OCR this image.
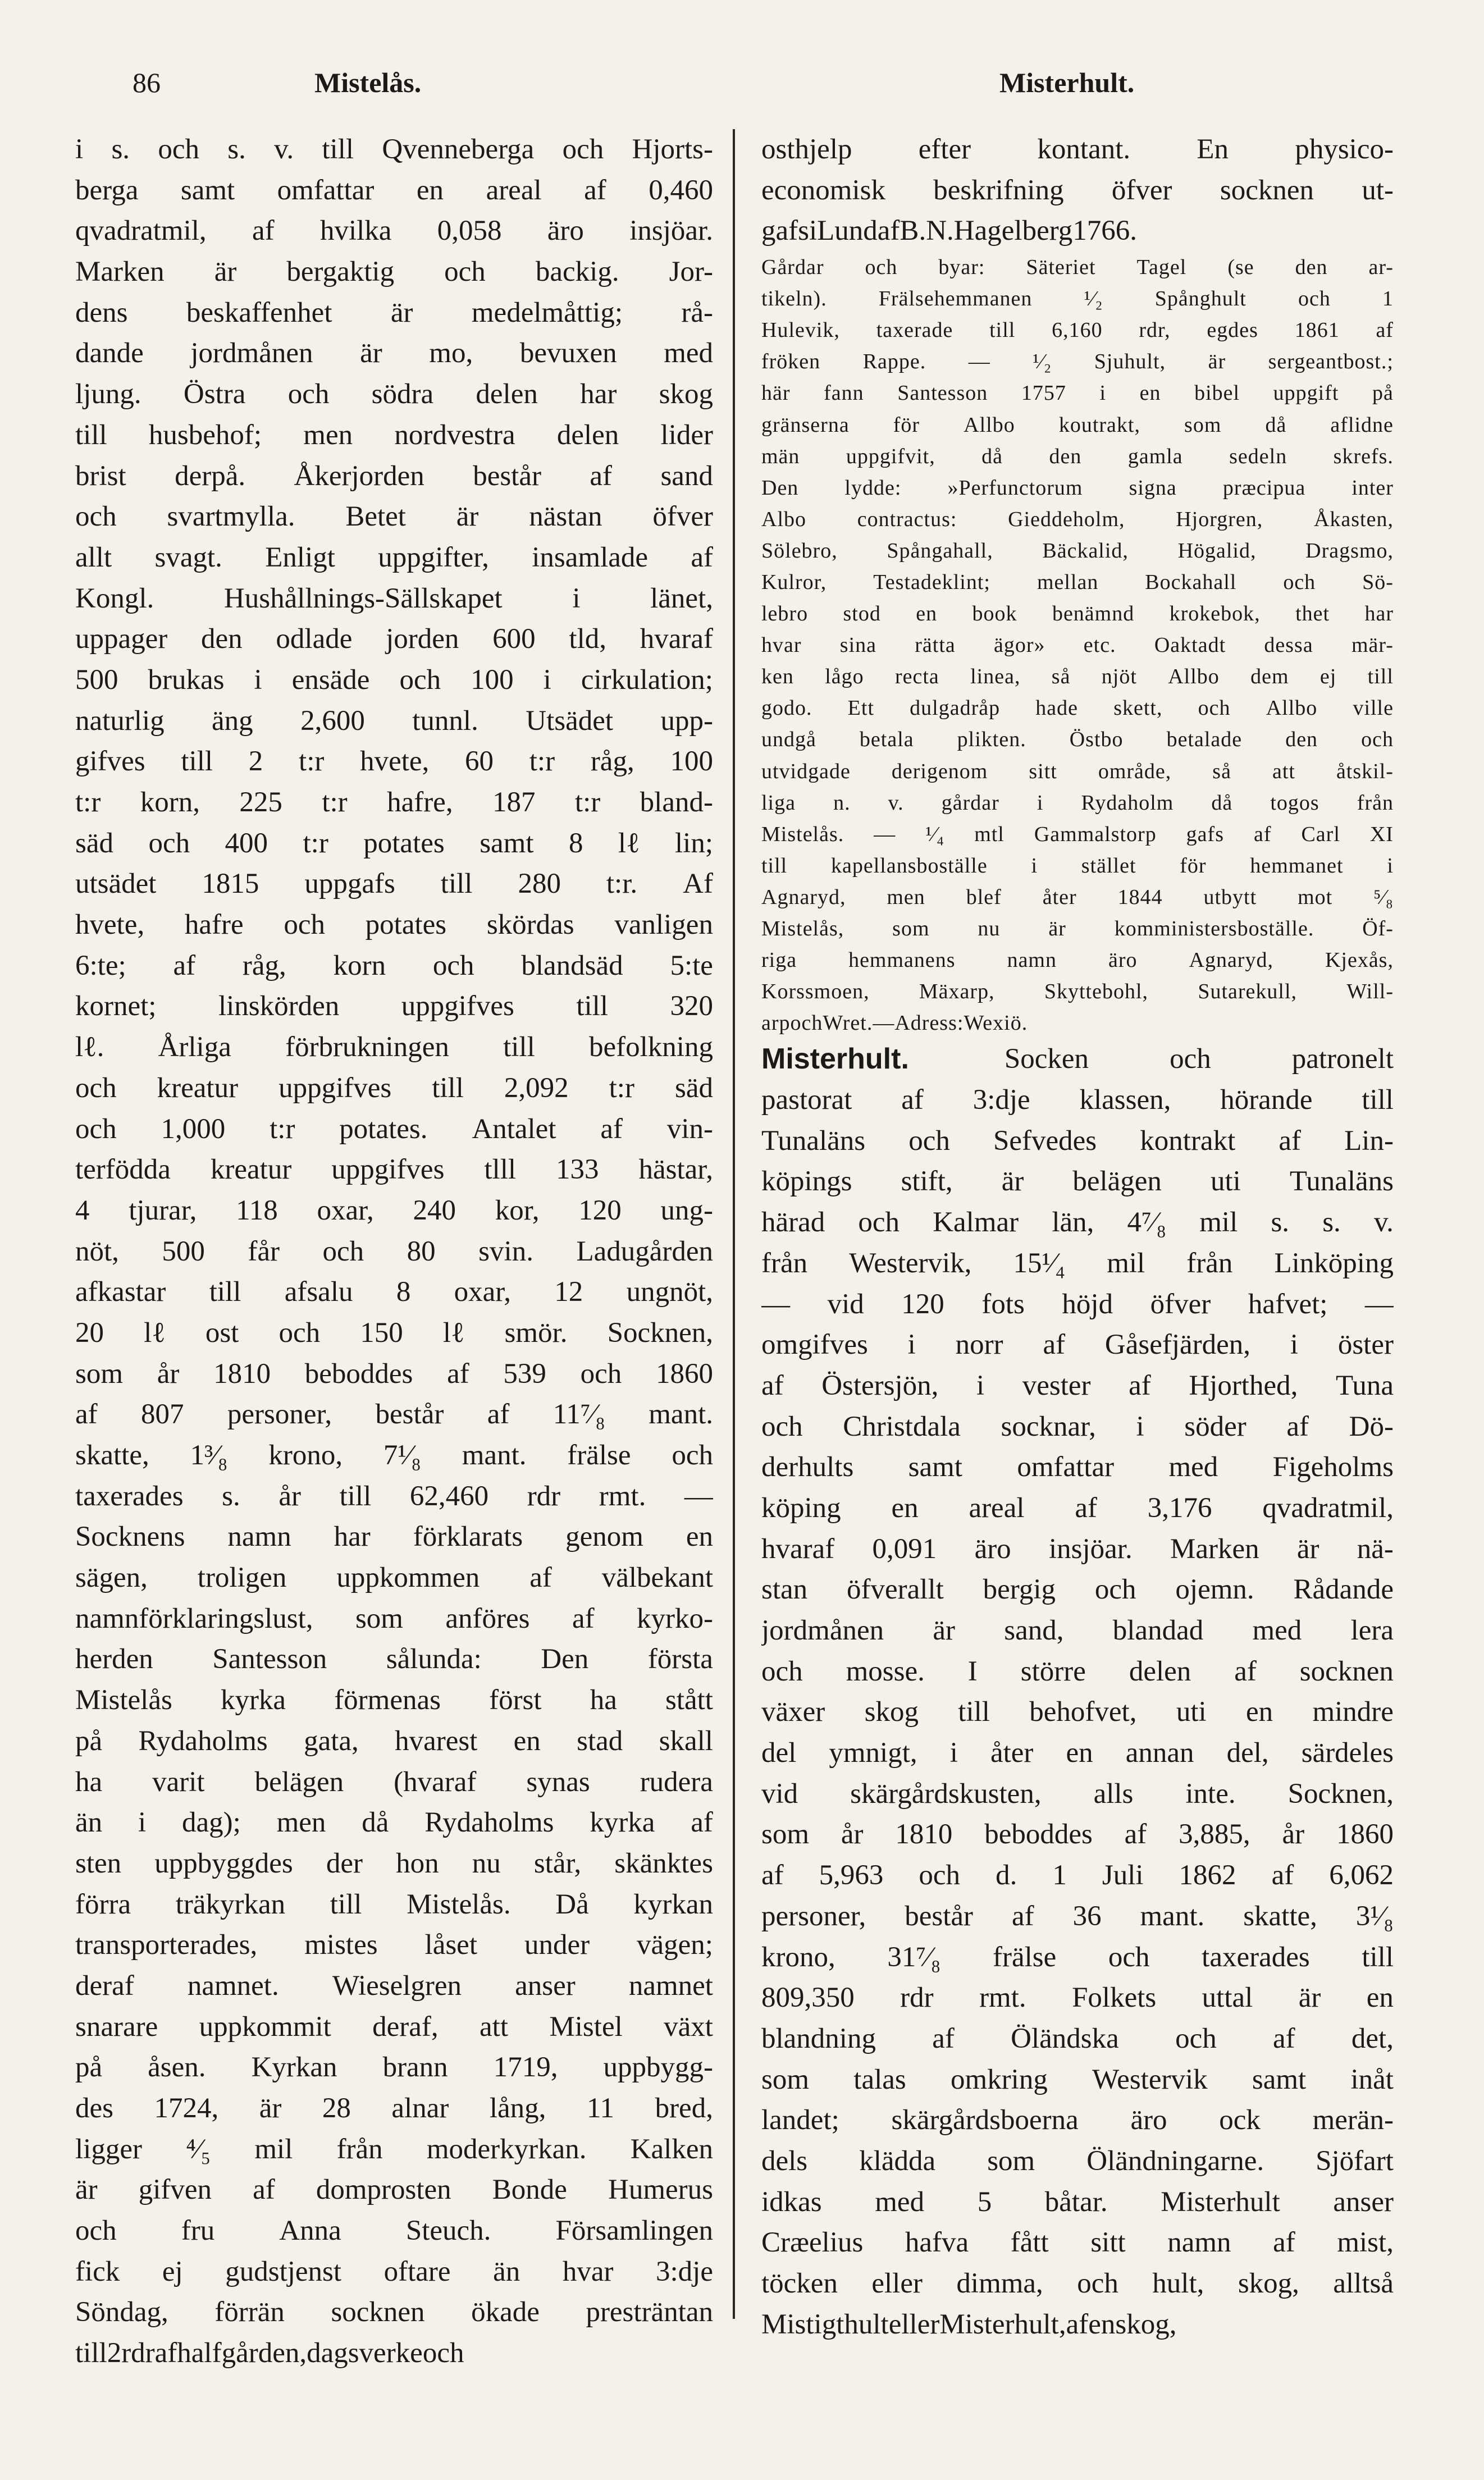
86	Mistelås.	Misterhult.
i s. och s. v. till Qvenneberga och Hjorts-
berga samt omfattar en areal af 0,460
qvadratmil, af hvilka 0,058 äro insjöar.
Marken är bergaktig och backig. Jor-
dens beskaffenhet är medelmåttig; rå-
dande jordmånen är mo, bevuxen med
ljung. Östra och södra delen har skog
till husbehof; men nordvestra delen lider
brist derpå. Åkerjorden består af sand
och svartmylla. Betet är nästan öfver
allt svagt. Enligt uppgifter, insamlade af
Kongl. Hushållnings-Sällskapet i länet,
uppager den odlade jorden 600 tld, hvaraf
500 brukas i ensäde och 100 i cirkulation;
naturlig äng 2,600 tunnl. Utsädet upp-
gifves till 2 t:r hvete, 60 t:r råg, 100
t:r korn, 225 t:r hafre, 187 t:r bland-
säd och 400 t:r potates samt 8 lℓ lin;
utsädet 1815 uppgafs till 280 t:r. Af
hvete, hafre och potates skördas vanligen
6:te; af råg, korn och blandsäd 5:te
kornet; linskörden uppgifves till 320
lℓ. Årliga förbrukningen till befolkning
och kreatur uppgifves till 2,092 t:r säd
och 1,000 t:r potates. Antalet af vin-
terfödda kreatur uppgifves tlll 133 hästar,
4 tjurar, 118 oxar, 240 kor, 120 ung-
nöt, 500 får och 80 svin. Ladugården
afkastar till afsalu 8 oxar, 12 ungnöt,
20 lℓ ost och 150 lℓ smör. Socknen,
som år 1810 beboddes af 539 och 1860
af 807 personer, består af 11⁷⁄₈ mant.
skatte, 1³⁄₈ krono, 7¹⁄₈ mant. frälse och
taxerades s. år till 62,460 rdr rmt. —
Socknens namn har förklarats genom en
sägen, troligen uppkommen af välbekant
namnförklaringslust, som anföres af kyrko-
herden Santesson sålunda: Den första
Mistelås kyrka förmenas först ha stått
på Rydaholms gata, hvarest en stad skall
ha varit belägen (hvaraf synas rudera
än i dag); men då Rydaholms kyrka af
sten uppbyggdes der hon nu står, skänktes
förra träkyrkan till Mistelås. Då kyrkan
transporterades, mistes låset under vägen;
deraf namnet. Wieselgren anser namnet
snarare uppkommit deraf, att Mistel växt
på åsen. Kyrkan brann 1719, uppbygg-
des 1724, är 28 alnar lång, 11 bred,
ligger ⁴⁄₅ mil från moderkyrkan. Kalken
är gifven af domprosten Bonde Humerus
och fru Anna Steuch. Församlingen
fick ej gudstjenst oftare än hvar 3:dje
Söndag, förrän socknen ökade presträntan
till 2 rdr af halfgården, dagsverke och
osthjelp efter kontant. En physico-
economisk beskrifning öfver socknen ut-
gafs i Lund af B. N. Hagelberg 1766.
Gårdar och byar: Säteriet Tagel (se den ar-
tikeln). Frälsehemmanen ¹⁄₂ Spånghult och 1
Hulevik, taxerade till 6,160 rdr, egdes 1861 af
fröken Rappe. — ¹⁄₂ Sjuhult, är sergeantbost.;
här fann Santesson 1757 i en bibel uppgift på
gränserna för Allbo koutrakt, som då aflidne
män uppgifvit, då den gamla sedeln skrefs.
Den lydde: »Perfunctorum signa præcipua inter
Albo contractus: Gieddeholm, Hjorgren, Åkasten,
Sölebro, Spångahall, Bäckalid, Högalid, Dragsmo,
Kulror, Testadeklint; mellan Bockahall och Sö-
lebro stod en book benämnd krokebok, thet har
hvar sina rätta ägor» etc. Oaktadt dessa mär-
ken lågo recta linea, så njöt Allbo dem ej till
godo. Ett dulgadråp hade skett, och Allbo ville
undgå betala plikten. Östbo betalade den och
utvidgade derigenom sitt område, så att åtskil-
liga n. v. gårdar i Rydaholm då togos från
Mistelås. — ¹⁄₄ mtl Gammalstorp gafs af Carl XI
till kapellansboställe i stället för hemmanet i
Agnaryd, men blef åter 1844 utbytt mot ⁵⁄₈
Mistelås, som nu är komministersboställe. Öf-
riga hemmanens namn äro Agnaryd, Kjexås,
Korssmoen, Mäxarp, Skyttebohl, Sutarekull, Will-
arp och Wret. — Adress: Wexiö.
Misterhult.	Socken	och	patronelt
pastorat af 3:dje klassen, hörande till
Tunaläns och Sefvedes kontrakt af Lin-
köpings stift, är belägen uti Tunaläns
härad och Kalmar län, 4⁷⁄₈ mil s. s. v.
från Westervik, 15¹⁄₄ mil från Linköping
— vid 120 fots höjd öfver hafvet; —
omgifves i norr af Gåsefjärden, i öster
af Östersjön, i vester af Hjorthed, Tuna
och Christdala socknar, i söder af Dö-
derhults samt omfattar med Figeholms
köping en areal af 3,176 qvadratmil,
hvaraf 0,091 äro insjöar. Marken är nä-
stan öfverallt bergig och ojemn. Rådande
jordmånen är sand, blandad med lera
och mosse. I större delen af socknen
växer skog till behofvet, uti en mindre
del ymnigt, i åter en annan del, särdeles
vid skärgårdskusten, alls inte. Socknen,
som år 1810 beboddes af 3,885, år 1860
af 5,963 och d. 1 Juli 1862 af 6,062
personer, består af 36 mant. skatte, 3¹⁄₈
krono, 31⁷⁄₈ frälse och taxerades till
809,350 rdr rmt. Folkets uttal är en
blandning af Öländska och af det,
som talas omkring Westervik samt inåt
landet; skärgårdsboerna äro ock merän-
dels klädda som Öländningarne. Sjöfart
idkas med 5 båtar. Misterhult anser
Cræelius hafva fått sitt namn af mist,
töcken eller dimma, och hult, skog, alltså
Mistigthult eller Misterhult, af en skog,
